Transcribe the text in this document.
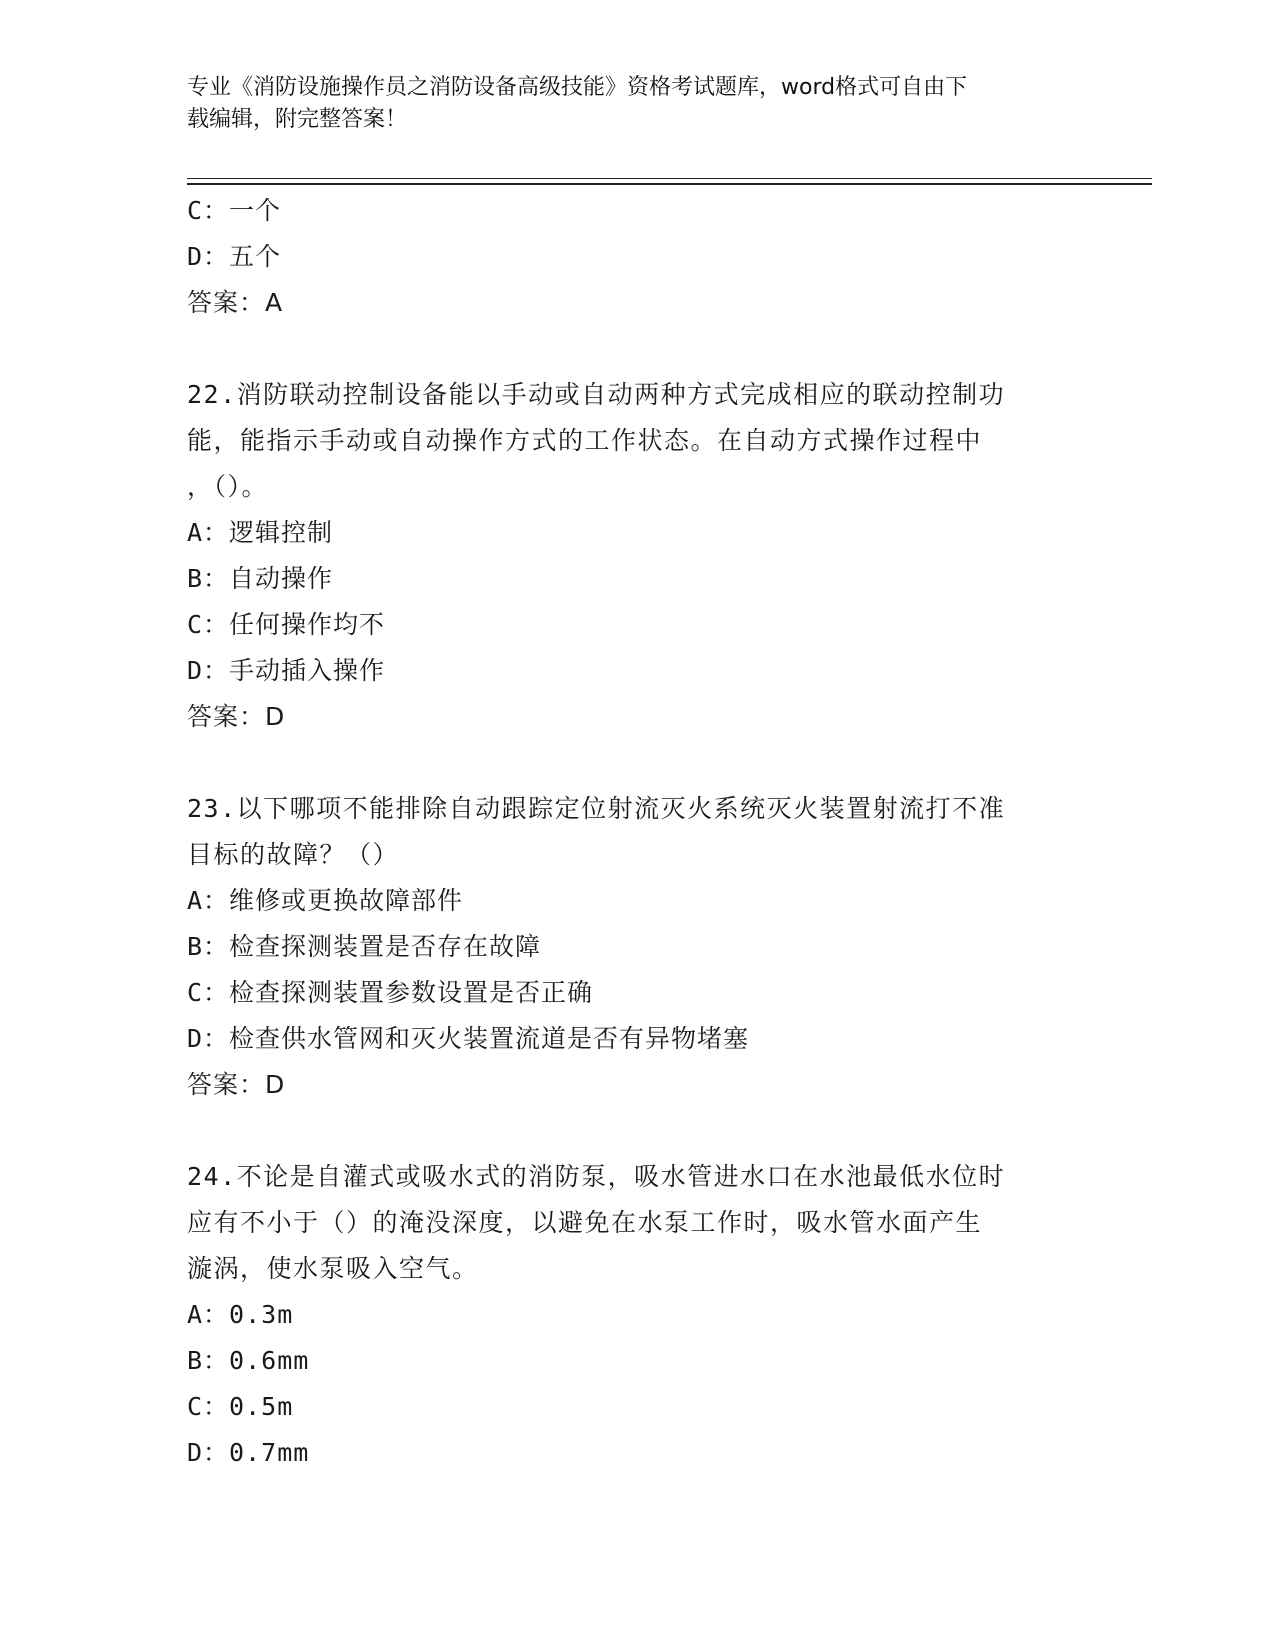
专业《消防设施操作员之消防设备高级技能》资格考试题库，word格式可自由下
载编辑，附完整答案！
C：一个
D：五个
答案：A
22.消防联动控制设备能以手动或自动两种方式完成相应的联动控制功
能，能指示手动或自动操作方式的工作状态。在自动方式操作过程中
，（）。
A：逻辑控制
B：自动操作
C：任何操作均不
D：手动插入操作
答案：D
23.以下哪项不能排除自动跟踪定位射流灭火系统灭火装置射流打不准
目标的故障？（）
A：维修或更换故障部件
B：检查探测装置是否存在故障
C：检查探测装置参数设置是否正确
D：检查供水管网和灭火装置流道是否有异物堵塞
答案：D
24.不论是自灌式或吸水式的消防泵，吸水管进水口在水池最低水位时
应有不小于（）的淹没深度，以避免在水泵工作时，吸水管水面产生
漩涡，使水泵吸入空气。
A：0.3m
B：0.6mm
C：0.5m
D：0.7mm
